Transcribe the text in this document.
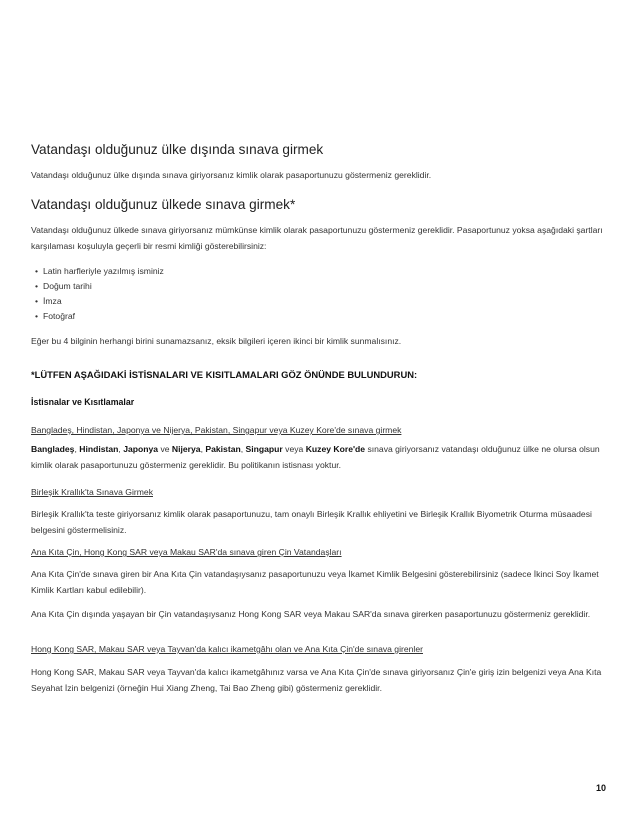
Vatandaşı olduğunuz ülke dışında sınava girmek
Vatandaşı olduğunuz ülke dışında sınava giriyorsanız kimlik olarak pasaportunuzu göstermeniz gereklidir.
Vatandaşı olduğunuz ülkede sınava girmek*
Vatandaşı olduğunuz ülkede sınava giriyorsanız mümkünse kimlik olarak pasaportunuzu göstermeniz gereklidir. Pasaportunuz yoksa aşağıdaki şartları karşılaması koşuluyla geçerli bir resmi kimliği gösterebilirsiniz:
• Latin harfleriyle yazılmış isminiz
• Doğum tarihi
• İmza
• Fotoğraf
Eğer bu 4 bilginin herhangi birini sunamazsanız, eksik bilgileri içeren ikinci bir kimlik sunmalısınız.
*LÜTFEN AŞAĞIDAKİ İSTİSNALARI VE KISITLAMALARI GÖZ ÖNÜNDE BULUNDURUN:
İstisnalar ve Kısıtlamalar
Bangladeş, Hindistan, Japonya ve Nijerya, Pakistan, Singapur veya Kuzey Kore'de sınava girmek
Bangladeş, Hindistan, Japonya ve Nijerya, Pakistan, Singapur veya Kuzey Kore'de sınava giriyorsanız vatandaşı olduğunuz ülke ne olursa olsun kimlik olarak pasaportunuzu göstermeniz gereklidir. Bu politikanın istisnası yoktur.
Birleşik Krallık'ta Sınava Girmek
Birleşik Krallık'ta teste giriyorsanız kimlik olarak pasaportunuzu, tam onaylı Birleşik Krallık ehliyetini ve Birleşik Krallık Biyometrik Oturma müsaadesi belgesini göstermelisiniz.
Ana Kıta Çin, Hong Kong SAR veya Makau SAR'da sınava giren Çin Vatandaşları
Ana Kıta Çin'de sınava giren bir Ana Kıta Çin vatandaşıysanız pasaportunuzu veya İkamet Kimlik Belgesini gösterebilirsiniz (sadece İkinci Soy İkamet Kimlik Kartları kabul edilebilir).
Ana Kıta Çin dışında yaşayan bir Çin vatandaşıysanız Hong Kong SAR veya Makau SAR'da sınava girerken pasaportunuzu göstermeniz gereklidir.
Hong Kong SAR, Makau SAR veya Tayvan'da kalıcı ikametgâhı olan ve Ana Kıta Çin'de sınava girenler
Hong Kong SAR, Makau SAR veya Tayvan'da kalıcı ikametgâhınız varsa ve Ana Kıta Çin'de sınava giriyorsanız Çin'e giriş izin belgenizi veya Ana Kıta Seyahat İzin belgenizi (örneğin Hui Xiang Zheng, Tai Bao Zheng gibi) göstermeniz gereklidir.
10
